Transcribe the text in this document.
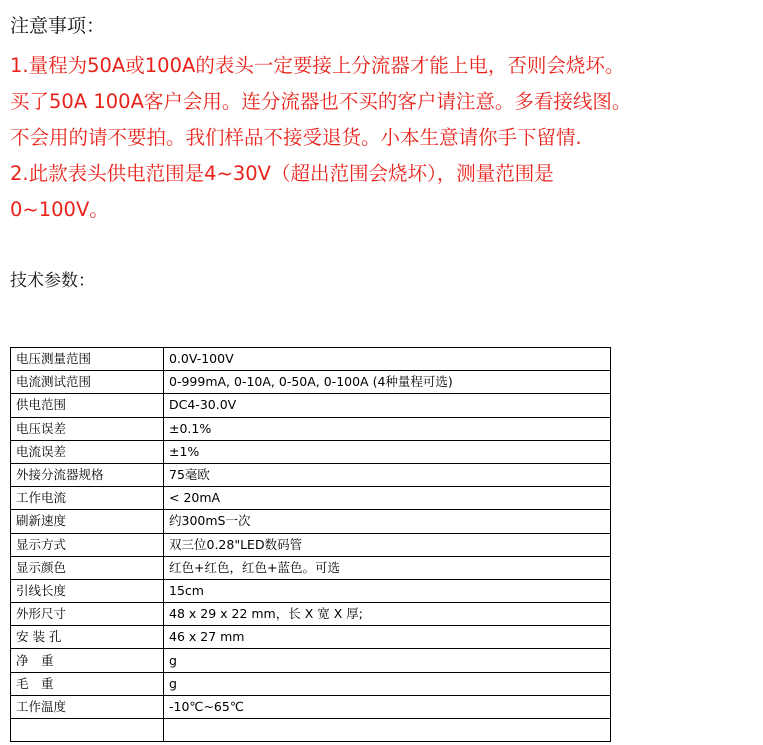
注意事项：
1.量程为50A或100A的表头一定要接上分流器才能上电，否则会烧坏。
买了50A 100A客户会用。连分流器也不买的客户请注意。多看接线图。
不会用的请不要拍。我们样品不接受退货。小本生意请你手下留情.
2.此款表头供电范围是4~30V（超出范围会烧坏），测量范围是
0~100V。
技术参数：
电压测量范围	0.0V-100V
电流测试范围	0-999mA, 0-10A, 0-50A, 0-100A (4种量程可选)
供电范围	DC4-30.0V
电压误差	±0.1%
电流误差	±1%
外接分流器规格	75毫欧
工作电流	< 20mA
刷新速度	约300mS一次
显示方式	双三位0.28"LED数码管
显示颜色	红色+红色，红色+蓝色。可选
引线长度	15cm
外形尺寸	48 x 29 x 22 mm，长 X 宽 X 厚;
安 装 孔	46 x 27 mm
净　重	g
毛　重	g
工作温度	-10℃~65℃
